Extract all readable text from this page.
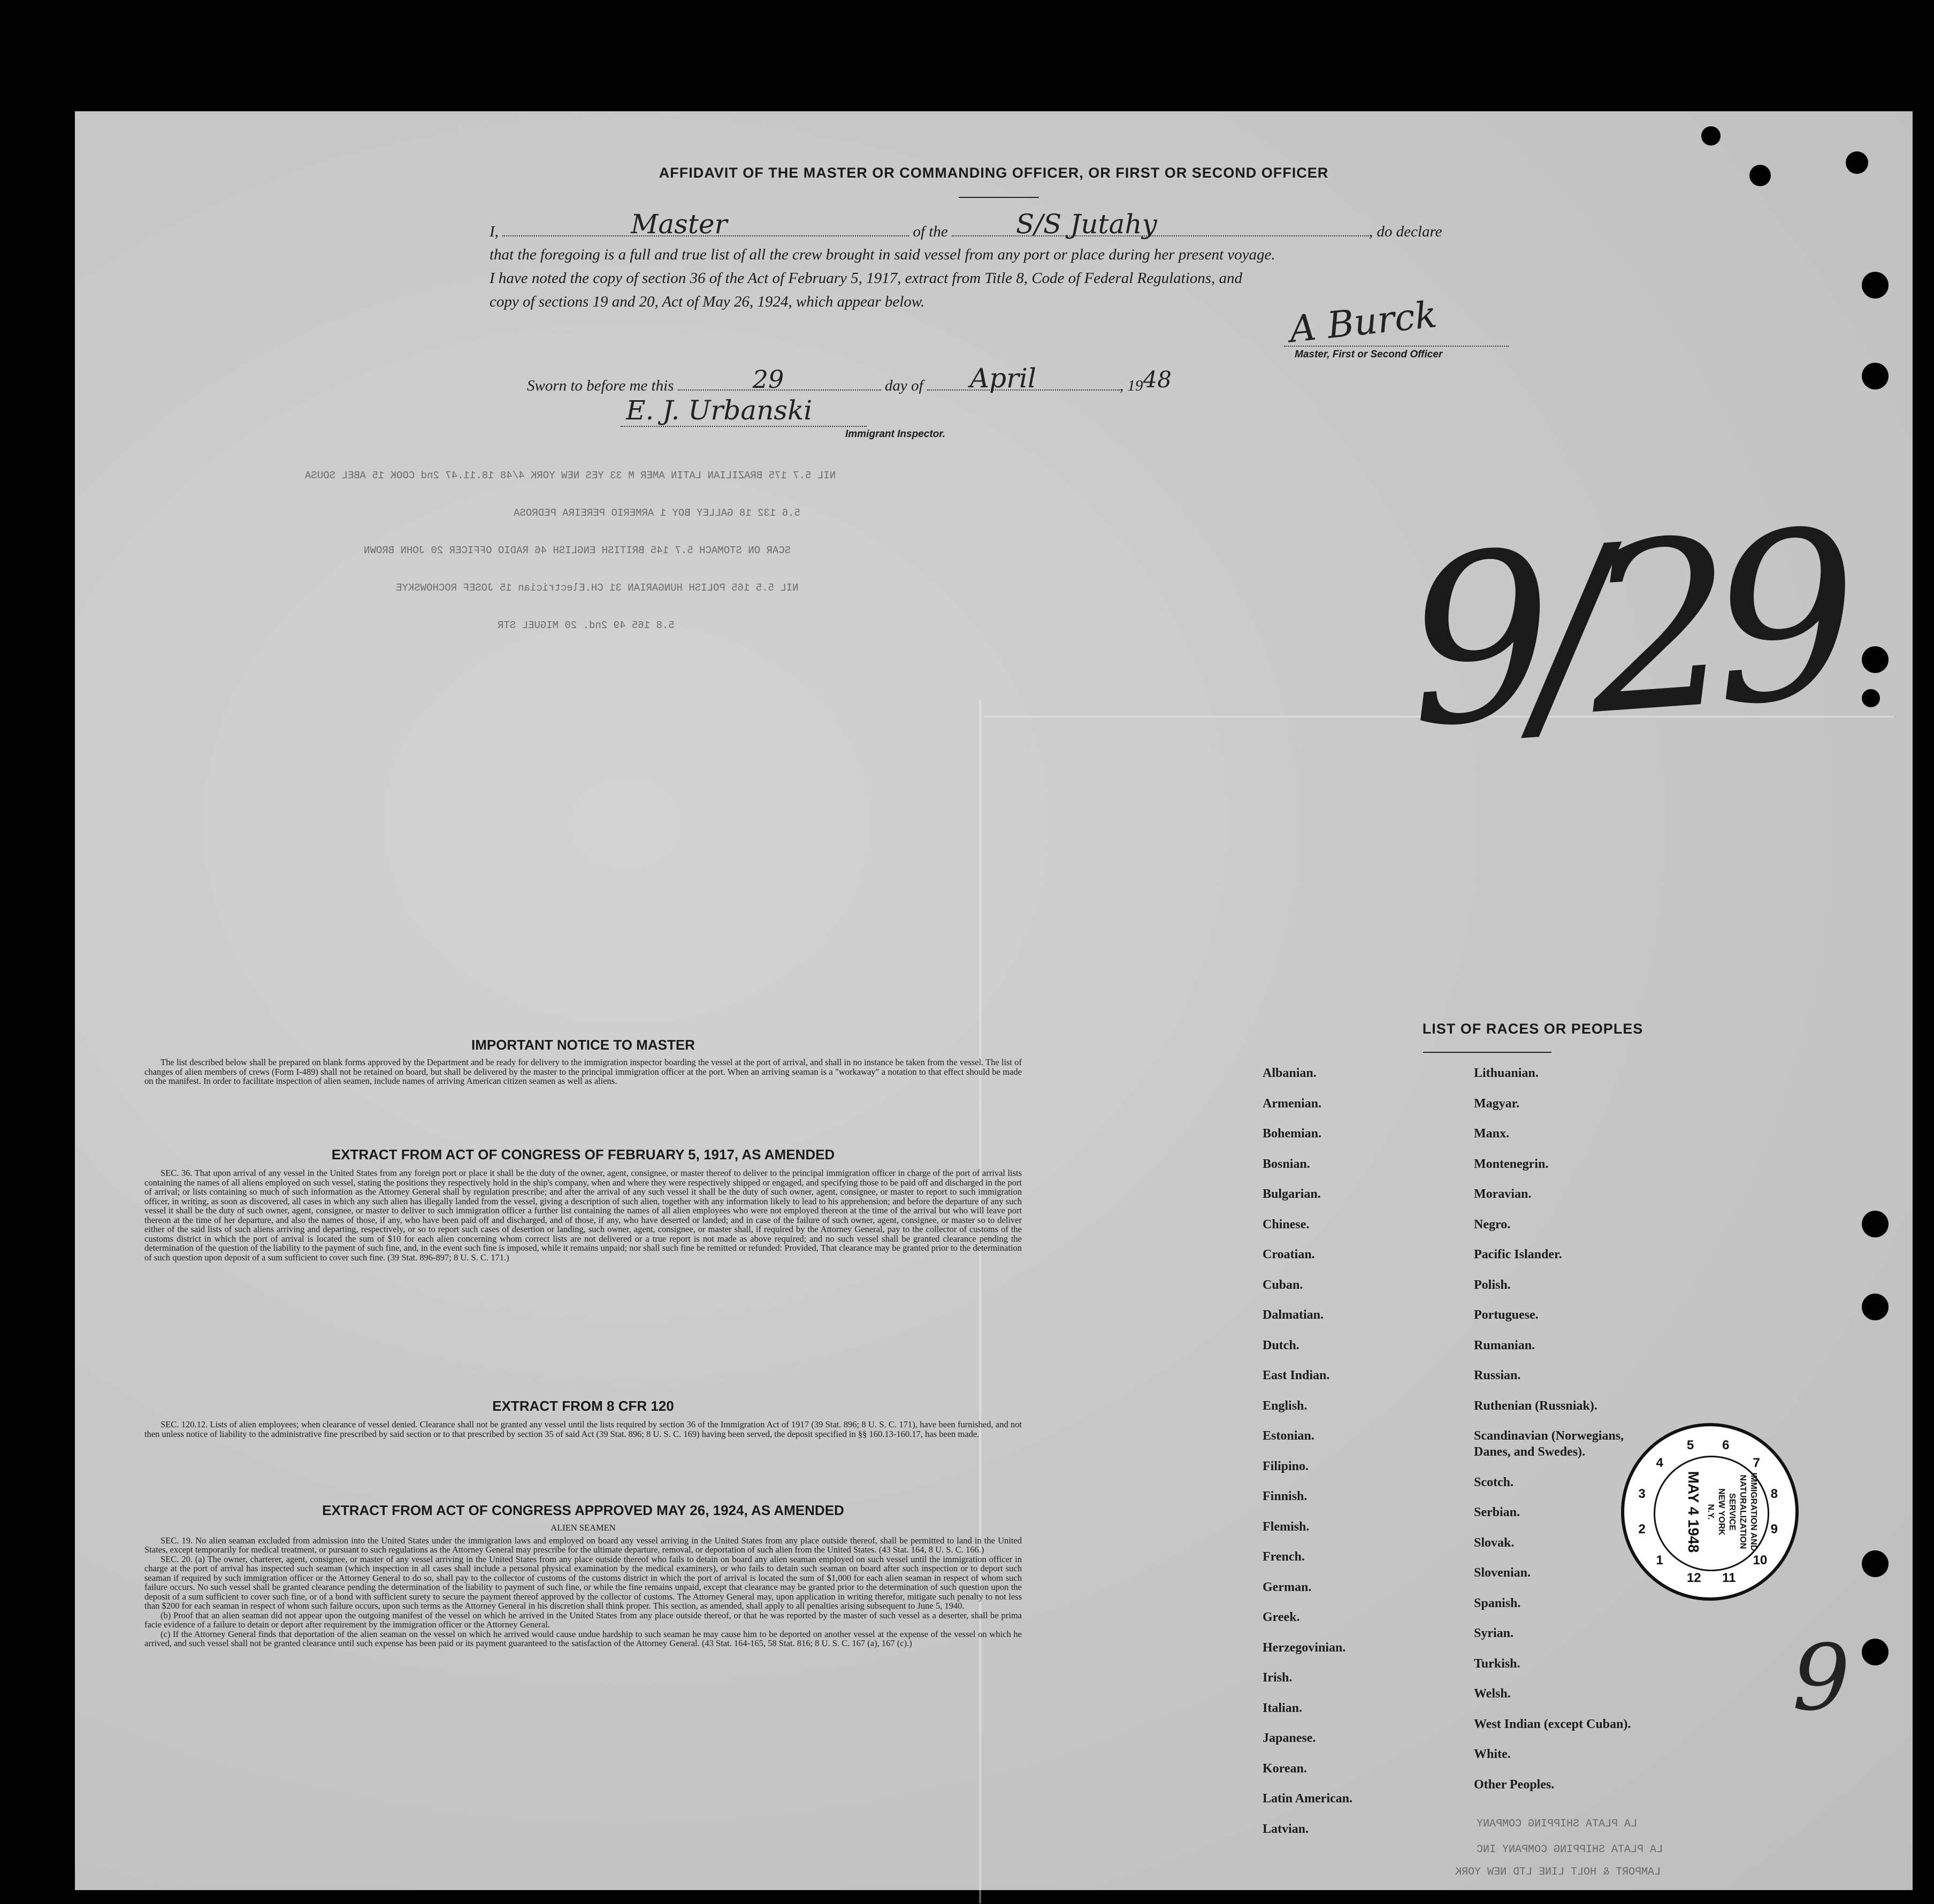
AFFIDAVIT OF THE MASTER OR COMMANDING OFFICER, OR FIRST OR SECOND OFFICER
I,	Master	of the	S/S Jutahy	, do declare
that the foregoing is a full and true list of all the crew brought in said vessel from any port or place during her present voyage.
I have noted the copy of section 36 of the Act of February 5, 1917, extract from Title 8, Code of Federal Regulations, and
copy of sections 19 and 20, Act of May 26, 1924, which appear below.	A Burck
Master, First or Second Officer
Sworn to before me this	29	day of April	, 1948
E. J. Urbanski
Immigrant Inspector.
NIL 5.7 175 BRAZILIAN LATIN AMER M 33 YES NEW YORK 4/48 18.11.47 2nd COOK 15 ABEL SOUSA
5.6 132 18 GALLEY BOY 1 ARMERIO PEREIRA PEDROSA
SCAR ON STOMACH 5.7 145 BRITISH ENGLISH 46 RADIO OFFICER 20 JOHN BROWN
NIL 5.5 165 POLISH HUNGARIAN 31 CH.Electrician 15 JOSEF ROCHOWSKYE
5.8 165 49 2nd. 20 MIGUEL STR	9/29

IMPORTANT NOTICE TO MASTER

The list described below shall be prepared on blank forms approved by the Department and be ready for delivery to the immigration inspector boarding the vessel at the port of arrival, and shall in no instance be taken from the vessel. The list of changes of alien members of crews (Form I-489) shall not be retained on board, but shall be delivered by the master to the principal immigration officer at the port. When an arriving seaman is a "workaway" a notation to that effect should be made on the manifest. In order to facilitate inspection of alien seamen, include names of arriving American citizen seamen as well as aliens.

EXTRACT FROM ACT OF CONGRESS OF FEBRUARY 5, 1917, AS AMENDED

SEC. 36. That upon arrival of any vessel in the United States from any foreign port or place it shall be the duty of the owner, agent, consignee, or master thereof to deliver to the principal immigration officer in charge of the port of arrival lists containing the names of all aliens employed on such vessel, stating the positions they respectively hold in the ship's company, when and where they were respectively shipped or engaged, and specifying those to be paid off and discharged in the port of arrival; or lists containing so much of such information as the Attorney General shall by regulation prescribe; and after the arrival of any such vessel it shall be the duty of such owner, agent, consignee, or master to report to such immigration officer, in writing, as soon as discovered, all cases in which any such alien has illegally landed from the vessel, giving a description of such alien, together with any information likely to lead to his apprehension; and before the departure of any such vessel it shall be the duty of such owner, agent, consignee, or master to deliver to such immigration officer a further list containing the names of all alien employees who were not employed thereon at the time of the arrival but who will leave port thereon at the time of her departure, and also the names of those, if any, who have been paid off and discharged, and of those, if any, who have deserted or landed; and in case of the failure of such owner, agent, consignee, or master so to deliver either of the said lists of such aliens arriving and departing, respectively, or so to report such cases of desertion or landing, such owner, agent, consignee, or master shall, if required by the Attorney General, pay to the collector of customs of the customs district in which the port of arrival is located the sum of $10 for each alien concerning whom correct lists are not delivered or a true report is not made as above required; and no such vessel shall be granted clearance pending the determination of the question of the liability to the payment of such fine, and, in the event such fine is imposed, while it remains unpaid; nor shall such fine be remitted or refunded: Provided, That clearance may be granted prior to the determination of such question upon deposit of a sum sufficient to cover such fine. (39 Stat. 896-897; 8 U. S. C. 171.)

EXTRACT FROM 8 CFR 120

SEC. 120.12. Lists of alien employees; when clearance of vessel denied. Clearance shall not be granted any vessel until the lists required by section 36 of the Immigration Act of 1917 (39 Stat. 896; 8 U. S. C. 171), have been furnished, and not then unless notice of liability to the administrative fine prescribed by said section or to that prescribed by section 35 of said Act (39 Stat. 896; 8 U. S. C. 169) having been served, the deposit specified in §§ 160.13-160.17, has been made.

EXTRACT FROM ACT OF CONGRESS APPROVED MAY 26, 1924, AS AMENDED

ALIEN SEAMEN

SEC. 19. No alien seaman excluded from admission into the United States under the immigration laws and employed on board any vessel arriving in the United States from any place outside thereof, shall be permitted to land in the United States, except temporarily for medical treatment, or pursuant to such regulations as the Attorney General may prescribe for the ultimate departure, removal, or deportation of such alien from the United States. (43 Stat. 164, 8 U. S. C. 166.)

SEC. 20. (a) The owner, charterer, agent, consignee, or master of any vessel arriving in the United States from any place outside thereof who fails to detain on board any alien seaman employed on such vessel until the immigration officer in charge at the port of arrival has inspected such seaman (which inspection in all cases shall include a personal physical examination by the medical examiners), or who fails to detain such seaman on board after such inspection or to deport such seaman if required by such immigration officer or the Attorney General to do so, shall pay to the collector of customs of the customs district in which the port of arrival is located the sum of $1,000 for each alien seaman in respect of whom such failure occurs. No such vessel shall be granted clearance pending the determination of the liability to payment of such fine, or while the fine remains unpaid, except that clearance may be granted prior to the determination of such question upon the deposit of a sum sufficient to cover such fine, or of a bond with sufficient surety to secure the payment thereof approved by the collector of customs. The Attorney General may, upon application in writing therefor, mitigate such penalty to not less than $200 for each seaman in respect of whom such failure occurs, upon such terms as the Attorney General in his discretion shall think proper. This section, as amended, shall apply to all penalties arising subsequent to June 5, 1940.

(b) Proof that an alien seaman did not appear upon the outgoing manifest of the vessel on which he arrived in the United States from any place outside thereof, or that he was reported by the master of such vessel as a deserter, shall be prima facie evidence of a failure to detain or deport after requirement by the immigration officer or the Attorney General.

(c) If the Attorney General finds that deportation of the alien seaman on the vessel on which he arrived would cause undue hardship to such seaman he may cause him to be deported on another vessel at the expense of the vessel on which he arrived, and such vessel shall not be granted clearance until such expense has been paid or its payment guaranteed to the satisfaction of the Attorney General. (43 Stat. 164-165, 58 Stat. 816; 8 U. S. C. 167 (a), 167 (c).)

LIST OF RACES OR PEOPLES
Albanian.
Armenian.
Bohemian.
Bosnian.
Bulgarian.
Chinese.
Croatian.
Cuban.
Dalmatian.
Dutch.
East Indian.
English.
Estonian.
Filipino.
Finnish.
Flemish.
French.
German.
Greek.
Herzegovinian.
Irish.
Italian.
Japanese.
Korean.
Latin American.
Latvian.
Lithuanian.
Magyar.
Manx.
Montenegrin.
Moravian.
Negro.
Pacific Islander.
Polish.
Portuguese.
Rumanian.
Russian.
Ruthenian (Russniak).
Scandinavian (Norwegians,
Danes, and Swedes).
Scotch.
Serbian.
Slovak.
Slovenian.
Spanish.
Syrian.
Turkish.
Welsh.
West Indian (except Cuban).
White.
Other Peoples.
LA PLATA SHIPPING COMPANY
LA PLATA SHIPPING COMPANY INC
LAMPORT & HOLT LINE LTD NEW YORK
9
1
2
3
4
5 6
7
8
9
10
11
12
IMMIGRATION AND
NATURALIZATION
SERVICE
NEW YORK
N.Y.
MAY 4 1948
